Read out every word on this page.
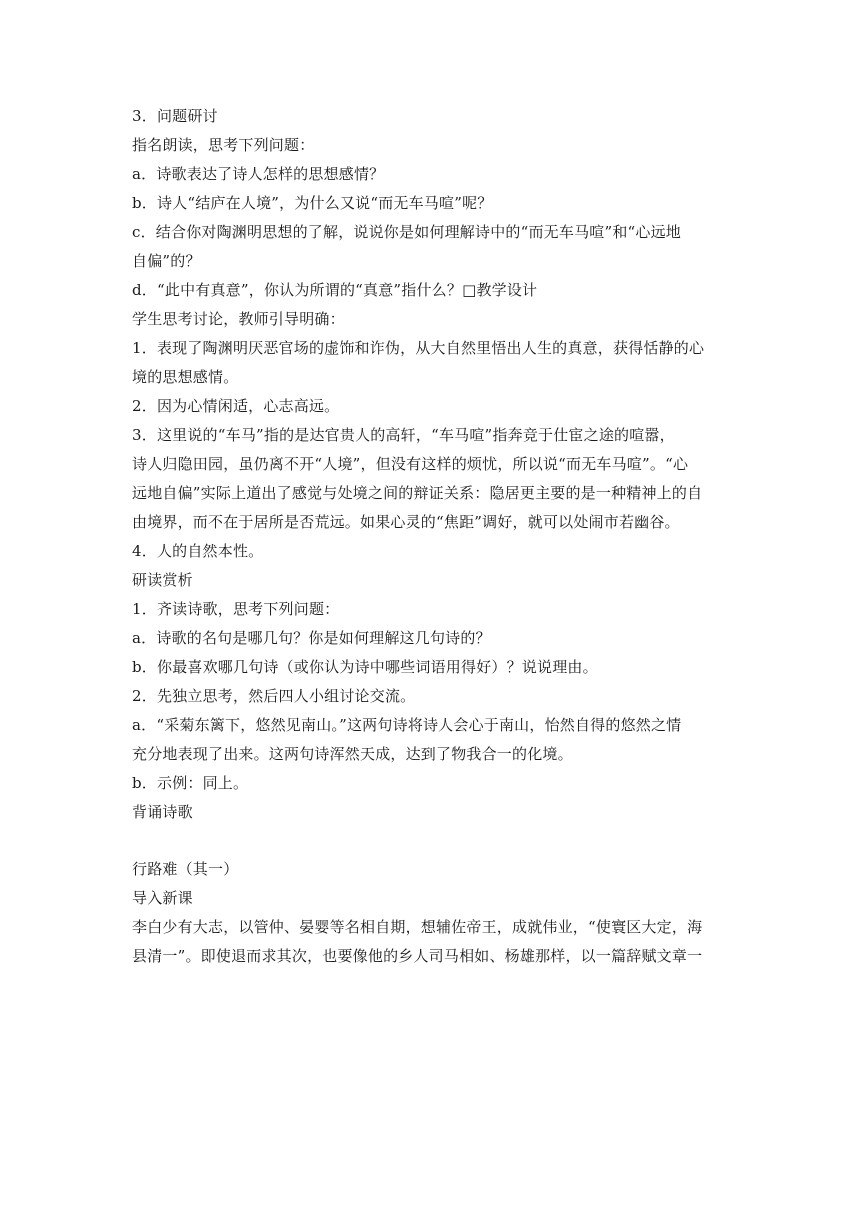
3．问题研讨

指名朗读，思考下列问题：

a．诗歌表达了诗人怎样的思想感情？

b．诗人“结庐在人境”，为什么又说“而无车马喧”呢？

c．结合你对陶渊明思想的了解，说说你是如何理解诗中的“而无车马喧”和“心远地

自偏”的？

d．“此中有真意”，你认为所谓的“真意”指什么？□教学设计

学生思考讨论，教师引导明确：

1．表现了陶渊明厌恶官场的虚饰和诈伪，从大自然里悟出人生的真意，获得恬静的心

境的思想感情。

2．因为心情闲适，心志高远。

3．这里说的“车马”指的是达官贵人的高轩，“车马喧”指奔竞于仕宦之途的喧嚣，

诗人归隐田园，虽仍离不开“人境”，但没有这样的烦忧，所以说“而无车马喧”。“心

远地自偏”实际上道出了感觉与处境之间的辩证关系：隐居更主要的是一种精神上的自

由境界，而不在于居所是否荒远。如果心灵的“焦距”调好，就可以处闹市若幽谷。

4．人的自然本性。

研读赏析

1．齐读诗歌，思考下列问题：

a．诗歌的名句是哪几句？你是如何理解这几句诗的？

b．你最喜欢哪几句诗（或你认为诗中哪些词语用得好）？说说理由。

2．先独立思考，然后四人小组讨论交流。

a．“采菊东篱下，悠然见南山。”这两句诗将诗人会心于南山，怡然自得的悠然之情

充分地表现了出来。这两句诗浑然天成，达到了物我合一的化境。

b．示例：同上。

背诵诗歌

行路难（其一）

导入新课

李白少有大志，以管仲、晏婴等名相自期，想辅佐帝王，成就伟业，“使寰区大定，海

县清一”。即使退而求其次，也要像他的乡人司马相如、杨雄那样，以一篇辞赋文章一
